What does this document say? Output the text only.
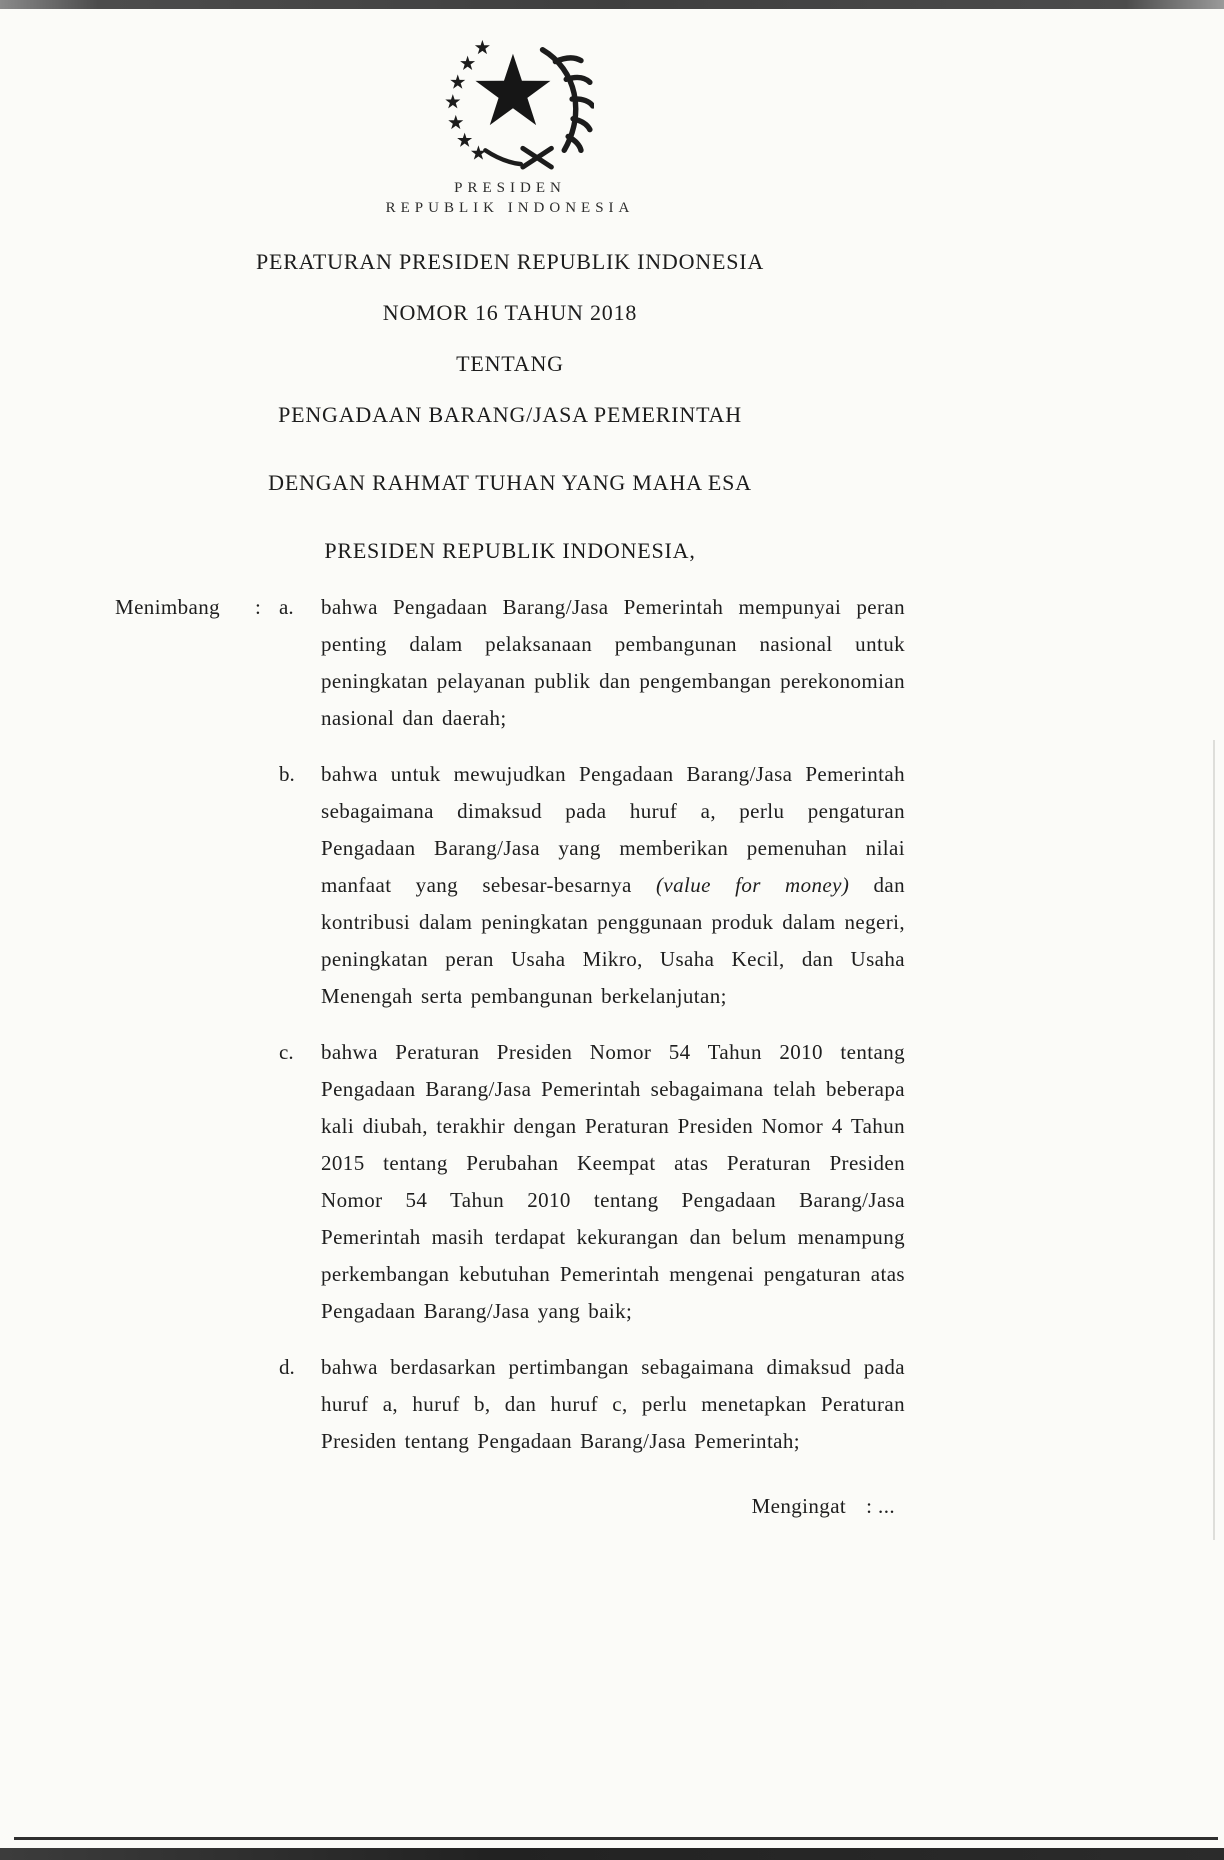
PRESIDEN
REPUBLIK INDONESIA
PERATURAN PRESIDEN REPUBLIK INDONESIA
NOMOR 16 TAHUN 2018
TENTANG
PENGADAAN BARANG/JASA PEMERINTAH
DENGAN RAHMAT TUHAN YANG MAHA ESA
PRESIDEN REPUBLIK INDONESIA,
Menimbang	: a.	bahwa Pengadaan Barang/Jasa Pemerintah mempunyai peran penting dalam pelaksanaan pembangunan nasional untuk peningkatan pelayanan publik dan pengembangan perekonomian nasional dan daerah;
b.	bahwa untuk mewujudkan Pengadaan Barang/Jasa Pemerintah sebagaimana dimaksud pada huruf a, perlu pengaturan Pengadaan Barang/Jasa yang memberikan pemenuhan nilai manfaat yang sebesar-besarnya (value for money) dan kontribusi dalam peningkatan penggunaan produk dalam negeri, peningkatan peran Usaha Mikro, Usaha Kecil, dan Usaha Menengah serta pembangunan berkelanjutan;
c.	bahwa Peraturan Presiden Nomor 54 Tahun 2010 tentang Pengadaan Barang/Jasa Pemerintah sebagaimana telah beberapa kali diubah, terakhir dengan Peraturan Presiden Nomor 4 Tahun 2015 tentang Perubahan Keempat atas Peraturan Presiden Nomor 54 Tahun 2010 tentang Pengadaan Barang/Jasa Pemerintah masih terdapat kekurangan dan belum menampung perkembangan kebutuhan Pemerintah mengenai pengaturan atas Pengadaan Barang/Jasa yang baik;
d.	bahwa berdasarkan pertimbangan sebagaimana dimaksud pada huruf a, huruf b, dan huruf c, perlu menetapkan Peraturan Presiden tentang Pengadaan Barang/Jasa Pemerintah;
Mengingat : ...
